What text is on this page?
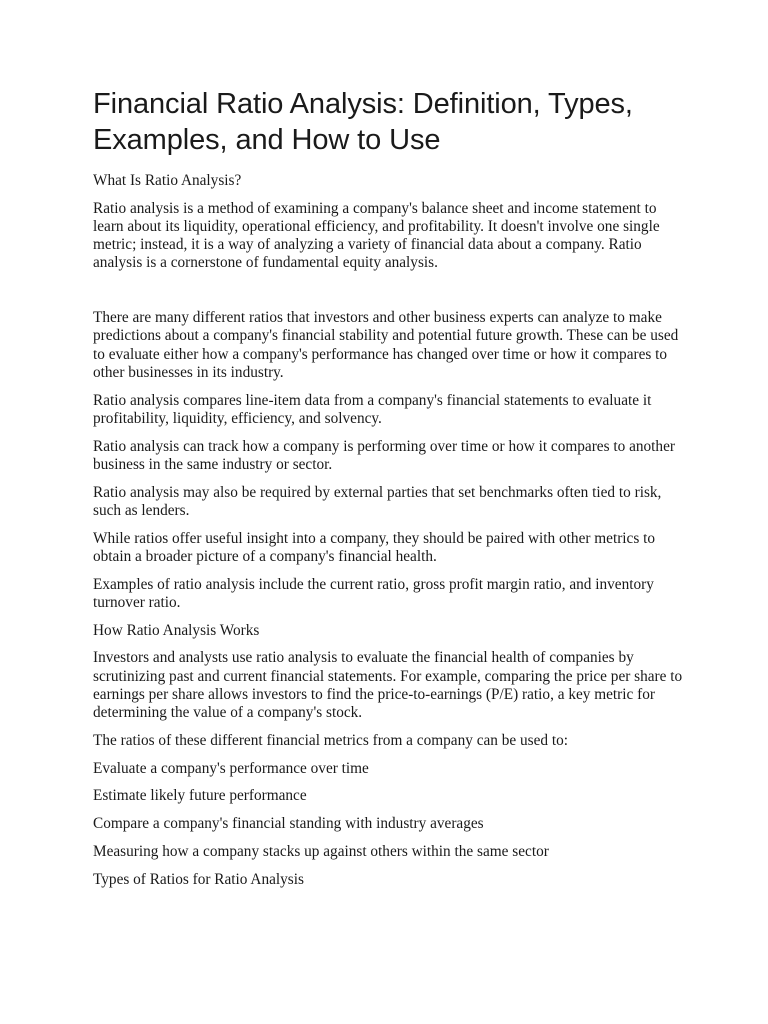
Financial Ratio Analysis: Definition, Types, Examples, and How to Use

What Is Ratio Analysis?

Ratio analysis is a method of examining a company's balance sheet and income statement to learn about its liquidity, operational efficiency, and profitability. It doesn't involve one single metric; instead, it is a way of analyzing a variety of financial data about a company. Ratio analysis is a cornerstone of fundamental equity analysis.

There are many different ratios that investors and other business experts can analyze to make predictions about a company's financial stability and potential future growth. These can be used to evaluate either how a company's performance has changed over time or how it compares to other businesses in its industry.

Ratio analysis compares line-item data from a company's financial statements to evaluate it profitability, liquidity, efficiency, and solvency.

Ratio analysis can track how a company is performing over time or how it compares to another business in the same industry or sector.

Ratio analysis may also be required by external parties that set benchmarks often tied to risk, such as lenders.

While ratios offer useful insight into a company, they should be paired with other metrics to obtain a broader picture of a company's financial health.

Examples of ratio analysis include the current ratio, gross profit margin ratio, and inventory turnover ratio.

How Ratio Analysis Works

Investors and analysts use ratio analysis to evaluate the financial health of companies by scrutinizing past and current financial statements. For example, comparing the price per share to earnings per share allows investors to find the price-to-earnings (P/E) ratio, a key metric for determining the value of a company's stock.

The ratios of these different financial metrics from a company can be used to:

Evaluate a company's performance over time

Estimate likely future performance

Compare a company's financial standing with industry averages

Measuring how a company stacks up against others within the same sector

Types of Ratios for Ratio Analysis
